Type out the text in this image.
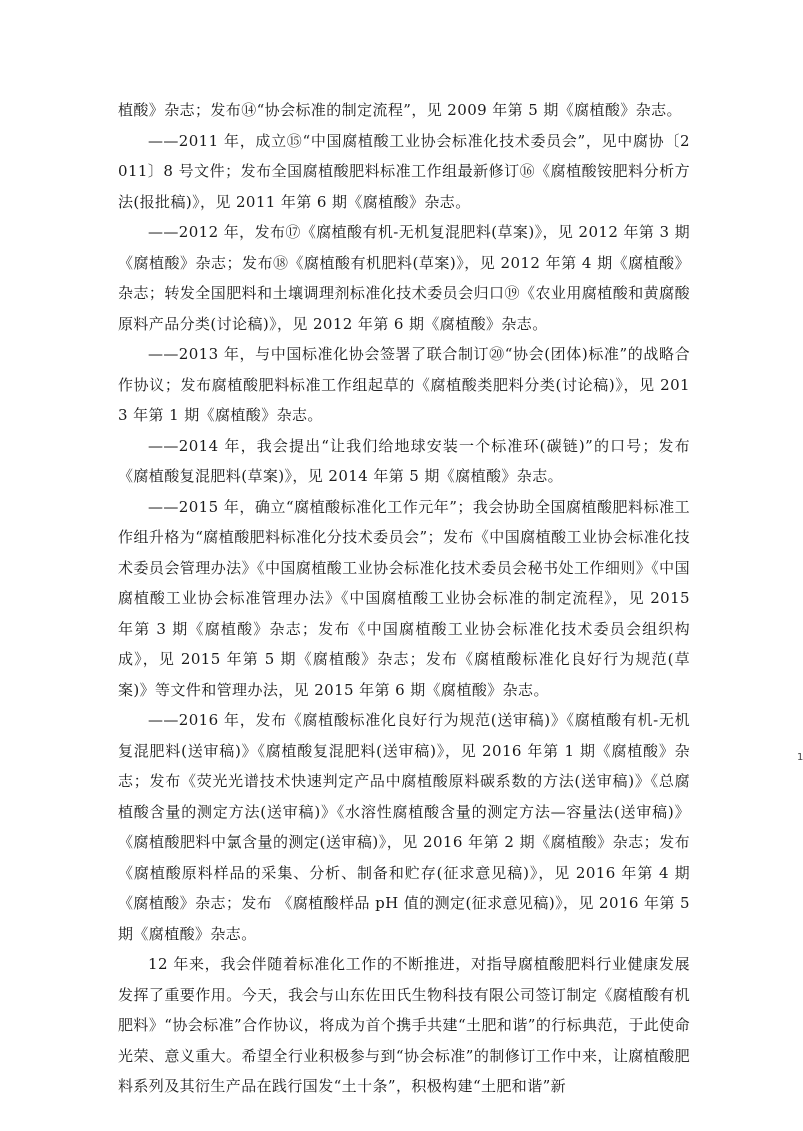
植酸》杂志；发布⑭“协会标准的制定流程”，见 2009 年第 5 期《腐植酸》杂志。

——2011 年，成立⑮“中国腐植酸工业协会标准化技术委员会”，见中腐协〔2011〕8 号文件；发布全国腐植酸肥料标准工作组最新修订⑯《腐植酸铵肥料分析方法(报批稿)》，见 2011 年第 6 期《腐植酸》杂志。

——2012 年，发布⑰《腐植酸有机-无机复混肥料(草案)》，见 2012 年第 3 期《腐植酸》杂志；发布⑱《腐植酸有机肥料(草案)》，见 2012 年第 4 期《腐植酸》杂志；转发全国肥料和土壤调理剂标准化技术委员会归口⑲《农业用腐植酸和黄腐酸原料产品分类(讨论稿)》，见 2012 年第 6 期《腐植酸》杂志。

——2013 年，与中国标准化协会签署了联合制订⑳“协会(团体)标准”的战略合作协议；发布腐植酸肥料标准工作组起草的《腐植酸类肥料分类(讨论稿)》，见 2013 年第 1 期《腐植酸》杂志。

——2014 年，我会提出“让我们给地球安装一个标准环(碳链)”的口号；发布《腐植酸复混肥料(草案)》，见 2014 年第 5 期《腐植酸》杂志。

——2015 年，确立“腐植酸标准化工作元年”；我会协助全国腐植酸肥料标准工作组升格为“腐植酸肥料标准化分技术委员会”；发布《中国腐植酸工业协会标准化技术委员会管理办法》《中国腐植酸工业协会标准化技术委员会秘书处工作细则》《中国腐植酸工业协会标准管理办法》《中国腐植酸工业协会标准的制定流程》，见 2015 年第 3 期《腐植酸》杂志；发布《中国腐植酸工业协会标准化技术委员会组织构成》，见 2015 年第 5 期《腐植酸》杂志；发布《腐植酸标准化良好行为规范(草案)》等文件和管理办法，见 2015 年第 6 期《腐植酸》杂志。

——2016 年，发布《腐植酸标准化良好行为规范(送审稿)》《腐植酸有机-无机复混肥料(送审稿)》《腐植酸复混肥料(送审稿)》，见 2016 年第 1 期《腐植酸》杂志；发布《荧光光谱技术快速判定产品中腐植酸原料碳系数的方法(送审稿)》《总腐植酸含量的测定方法(送审稿)》《水溶性腐植酸含量的测定方法—容量法(送审稿)》《腐植酸肥料中氯含量的测定(送审稿)》，见 2016 年第 2 期《腐植酸》杂志；发布 《腐植酸原料样品的采集、分析、制备和贮存(征求意见稿)》，见 2016 年第 4 期《腐植酸》杂志；发布 《腐植酸样品 pH 值的测定(征求意见稿)》，见 2016 年第 5 期《腐植酸》杂志。

12 年来，我会伴随着标准化工作的不断推进，对指导腐植酸肥料行业健康发展发挥了重要作用。今天，我会与山东佐田氏生物科技有限公司签订制定《腐植酸有机肥料》“协会标准”合作协议，将成为首个携手共建“土肥和谐”的行标典范，于此使命光荣、意义重大。希望全行业积极参与到“协会标准”的制修订工作中来，让腐植酸肥料系列及其衍生产品在践行国发“土十条”，积极构建“土肥和谐”新

1
